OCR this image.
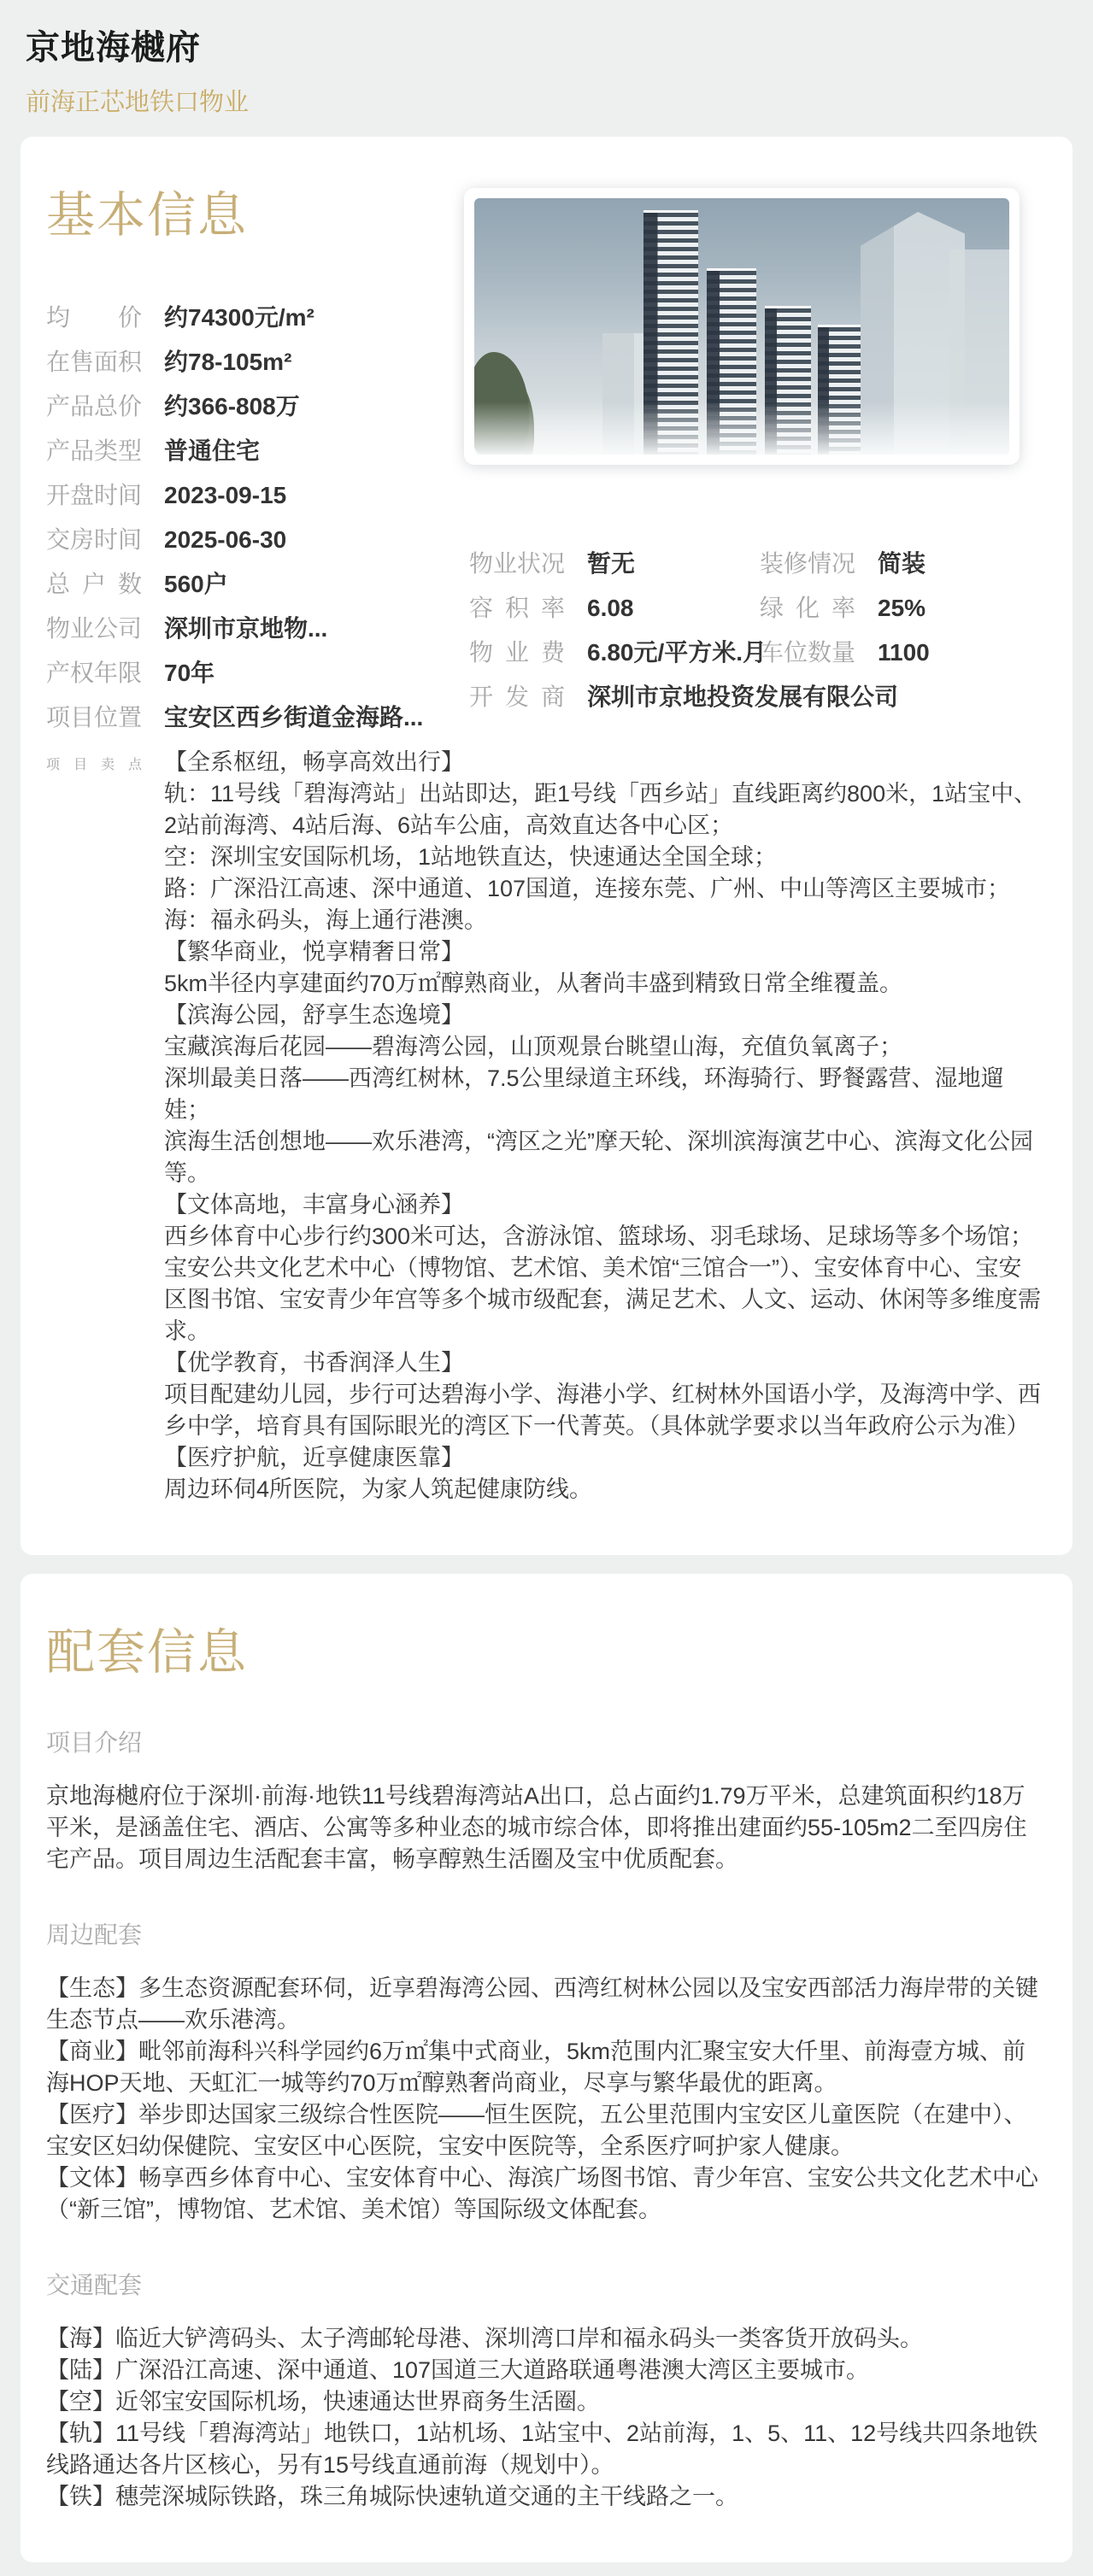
京地海樾府
前海正芯地铁口物业
基本信息
均价 约74300元/m²
在售面积 约78-105m²
产品总价 约366-808万
产品类型 普通住宅
开盘时间 2023-09-15
交房时间 2025-06-30
总户数 560户
物业公司 深圳市京地物...
产权年限 70年
项目位置 宝安区西乡街道金海路...
物业状况 暂无	装修情况 简装
容积率 6.08	绿化率 25%
物业费 6.80元/平方米.月
车位数量 1100
开发商 深圳市京地投资发展有限公司
项目卖点 【全系枢纽，畅享高效出行】
轨：11号线「碧海湾站」出站即达，距1号线「西乡站」直线距离约800米，1站宝中、2站前海湾、4站后海、6站车公庙，高效直达各中心区；
空：深圳宝安国际机场，1站地铁直达，快速通达全国全球；
路：广深沿江高速、深中通道、107国道，连接东莞、广州、中山等湾区主要城市；
海：福永码头，海上通行港澳。
【繁华商业，悦享精奢日常】
5km半径内享建面约70万㎡醇熟商业，从奢尚丰盛到精致日常全维覆盖。
【滨海公园，舒享生态逸境】
宝藏滨海后花园——碧海湾公园，山顶观景台眺望山海，充值负氧离子；
深圳最美日落——西湾红树林，7.5公里绿道主环线，环海骑行、野餐露营、湿地遛娃；
滨海生活创想地——欢乐港湾，“湾区之光”摩天轮、深圳滨海演艺中心、滨海文化公园等。
【文体高地，丰富身心涵养】
西乡体育中心步行约300米可达，含游泳馆、篮球场、羽毛球场、足球场等多个场馆；
宝安公共文化艺术中心（博物馆、艺术馆、美术馆“三馆合一”）、宝安体育中心、宝安区图书馆、宝安青少年宫等多个城市级配套，满足艺术、人文、运动、休闲等多维度需求。
【优学教育，书香润泽人生】
项目配建幼儿园，步行可达碧海小学、海港小学、红树林外国语小学，及海湾中学、西乡中学，培育具有国际眼光的湾区下一代菁英。（具体就学要求以当年政府公示为准）
【医疗护航，近享健康医靠】
周边环伺4所医院，为家人筑起健康防线。
配套信息
项目介绍

京地海樾府位于深圳·前海·地铁11号线碧海湾站A出口，总占面约1.79万平米，总建筑面积约18万平米，是涵盖住宅、酒店、公寓等多种业态的城市综合体，即将推出建面约55-105m2二至四房住宅产品。项目周边生活配套丰富，畅享醇熟生活圈及宝中优质配套。

周边配套
【生态】多生态资源配套环伺，近享碧海湾公园、西湾红树林公园以及宝安西部活力海岸带的关键生态节点——欢乐港湾。
【商业】毗邻前海科兴科学园约6万㎡集中式商业，5km范围内汇聚宝安大仟里、前海壹方城、前海HOP天地、天虹汇一城等约70万㎡醇熟奢尚商业，尽享与繁华最优的距离。
【医疗】举步即达国家三级综合性医院——恒生医院，五公里范围内宝安区儿童医院（在建中）、宝安区妇幼保健院、宝安区中心医院，宝安中医院等，全系医疗呵护家人健康。
【文体】畅享西乡体育中心、宝安体育中心、海滨广场图书馆、青少年宫、宝安公共文化艺术中心（“新三馆”，博物馆、艺术馆、美术馆）等国际级文体配套。
交通配套
【海】临近大铲湾码头、太子湾邮轮母港、深圳湾口岸和福永码头一类客货开放码头。
【陆】广深沿江高速、深中通道、107国道三大道路联通粤港澳大湾区主要城市。
【空】近邻宝安国际机场，快速通达世界商务生活圈。
【轨】11号线「碧海湾站」地铁口，1站机场、1站宝中、2站前海，1、5、11、12号线共四条地铁线路通达各片区核心，另有15号线直通前海（规划中）。
【铁】穗莞深城际铁路，珠三角城际快速轨道交通的主干线路之一。
